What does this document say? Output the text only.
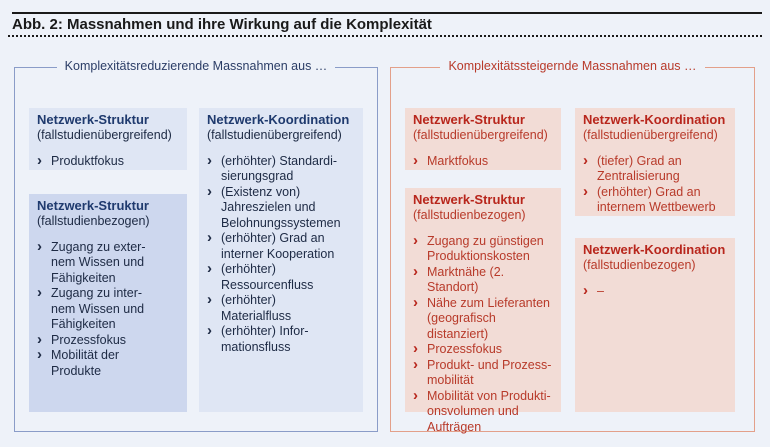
Abb. 2: Massnahmen und ihre Wirkung auf die Komplexität
Komplexitätsreduzierende Massnahmen aus …
Netzwerk-Struktur
(fallstudienübergreifend)
› Produktfokus
Netzwerk-Struktur
(fallstudienbezogen)
› Zugang zu exter-
nem Wissen und
Fähigkeiten
› Zugang zu inter-
nem Wissen und
Fähigkeiten
› Prozessfokus
› Mobilität der
Produkte
Netzwerk-Koordination
(fallstudienübergreifend)
› (erhöhter) Standardi-
sierungsgrad
› (Existenz von)
Jahreszielen und
Belohnungssystemen
› (erhöhter) Grad an
interner Kooperation
› (erhöhter)
Ressourcenfluss
› (erhöhter)
Materialfluss
› (erhöhter) Infor-
mationsfluss
Komplexitätssteigernde Massnahmen aus …
Netzwerk-Struktur
(fallstudienübergreifend)
› Marktfokus
Netzwerk-Struktur
(fallstudienbezogen)
› Zugang zu günstigen
Produktionskosten
› Marktnähe (2. Standort)
› Nähe zum Lieferanten
(geografisch distanziert)
› Prozessfokus
› Produkt- und Prozess-
mobilität
› Mobilität von Produkti-
onsvolumen und
Aufträgen
Netzwerk-Koordination
(fallstudienübergreifend)
› (tiefer) Grad an
Zentralisierung
› (erhöhter) Grad an
internem Wettbewerb
Netzwerk-Koordination
(fallstudienbezogen)
› –
